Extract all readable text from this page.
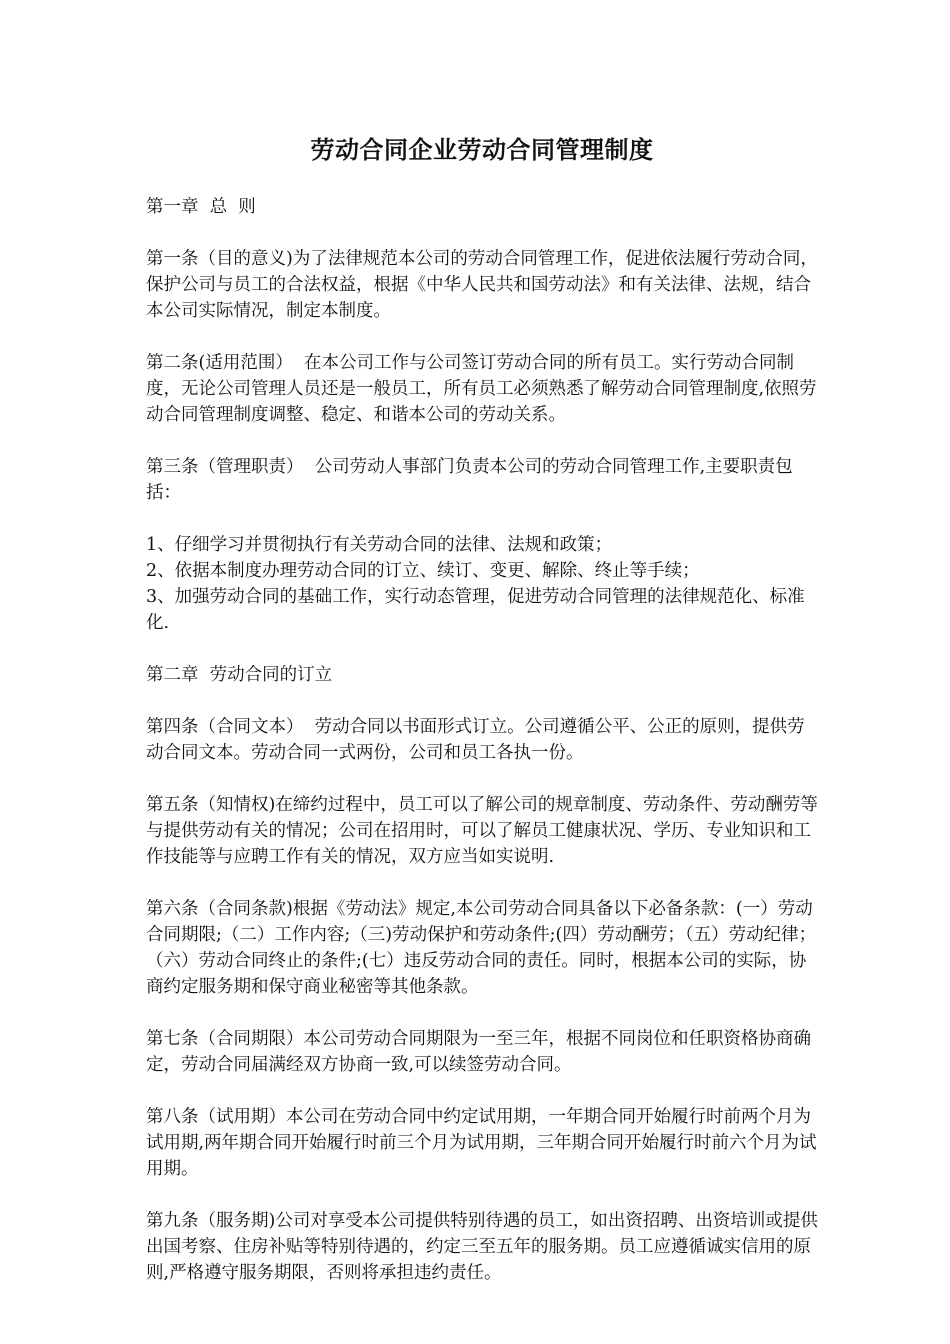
劳动合同企业劳动合同管理制度

第一章  总  则

第一条（目的意义)为了法律规范本公司的劳动合同管理工作，促进依法履行劳动合同，保护公司与员工的合法权益，根据《中华人民共和国劳动法》和有关法律、法规，结合本公司实际情况，制定本制度。

第二条(适用范围）  在本公司工作与公司签订劳动合同的所有员工。实行劳动合同制度，无论公司管理人员还是一般员工，所有员工必须熟悉了解劳动合同管理制度,依照劳动合同管理制度调整、稳定、和谐本公司的劳动关系。

第三条（管理职责）  公司劳动人事部门负责本公司的劳动合同管理工作,主要职责包括：

1、仔细学习并贯彻执行有关劳动合同的法律、法规和政策；

2、依据本制度办理劳动合同的订立、续订、变更、解除、终止等手续；

3、加强劳动合同的基础工作，实行动态管理，促进劳动合同管理的法律规范化、标准化.

第二章  劳动合同的订立

第四条（合同文本）  劳动合同以书面形式订立。公司遵循公平、公正的原则，提供劳动合同文本。劳动合同一式两份，公司和员工各执一份。

第五条（知情权)在缔约过程中，员工可以了解公司的规章制度、劳动条件、劳动酬劳等与提供劳动有关的情况；公司在招用时，可以了解员工健康状况、学历、专业知识和工作技能等与应聘工作有关的情况，双方应当如实说明.

第六条（合同条款)根据《劳动法》规定,本公司劳动合同具备以下必备条款：(一）劳动合同期限;（二）工作内容;（三)劳动保护和劳动条件;(四）劳动酬劳；（五）劳动纪律；（六）劳动合同终止的条件;(七）违反劳动合同的责任。同时，根据本公司的实际，协商约定服务期和保守商业秘密等其他条款。

第七条（合同期限）本公司劳动合同期限为一至三年，根据不同岗位和任职资格协商确定，劳动合同届满经双方协商一致,可以续签劳动合同。

第八条（试用期）本公司在劳动合同中约定试用期，一年期合同开始履行时前两个月为试用期,两年期合同开始履行时前三个月为试用期，三年期合同开始履行时前六个月为试用期。

第九条（服务期)公司对享受本公司提供特别待遇的员工，如出资招聘、出资培训或提供出国考察、住房补贴等特别待遇的，约定三至五年的服务期。员工应遵循诚实信用的原则,严格遵守服务期限，否则将承担违约责任。
